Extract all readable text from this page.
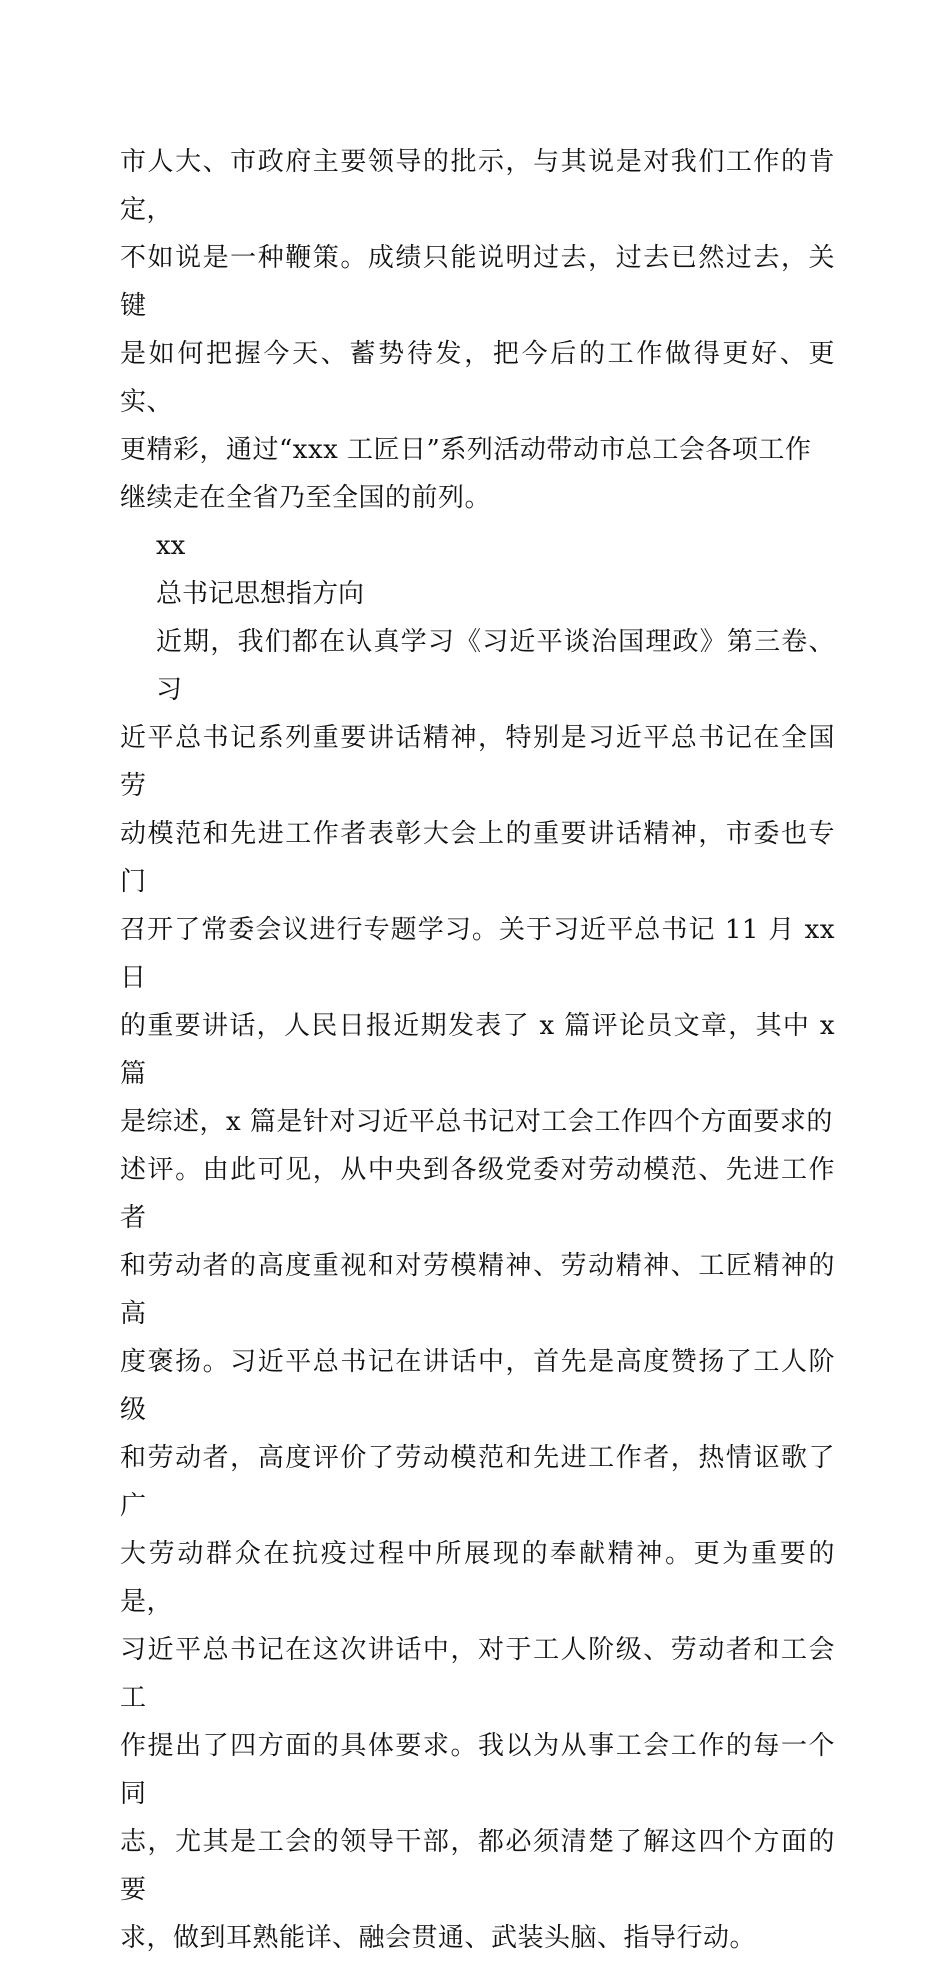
市人大、市政府主要领导的批示，与其说是对我们工作的肯定，
不如说是一种鞭策。成绩只能说明过去，过去已然过去，关键
是如何把握今天、蓄势待发，把今后的工作做得更好、更实、
更精彩，通过“xxx 工匠日”系列活动带动市总工会各项工作
继续走在全省乃至全国的前列。

xx

总书记思想指方向

近期，我们都在认真学习《习近平谈治国理政》第三卷、习
近平总书记系列重要讲话精神，特别是习近平总书记在全国劳
动模范和先进工作者表彰大会上的重要讲话精神，市委也专门
召开了常委会议进行专题学习。关于习近平总书记 11 月 xx 日
的重要讲话，人民日报近期发表了 x 篇评论员文章，其中 x 篇
是综述，x 篇是针对习近平总书记对工会工作四个方面要求的
述评。由此可见，从中央到各级党委对劳动模范、先进工作者
和劳动者的高度重视和对劳模精神、劳动精神、工匠精神的高
度褒扬。习近平总书记在讲话中，首先是高度赞扬了工人阶级
和劳动者，高度评价了劳动模范和先进工作者，热情讴歌了广
大劳动群众在抗疫过程中所展现的奉献精神。更为重要的是，
习近平总书记在这次讲话中，对于工人阶级、劳动者和工会工
作提出了四方面的具体要求。我以为从事工会工作的每一个同
志，尤其是工会的领导干部，都必须清楚了解这四个方面的要
求，做到耳熟能详、融会贯通、武装头脑、指导行动。
